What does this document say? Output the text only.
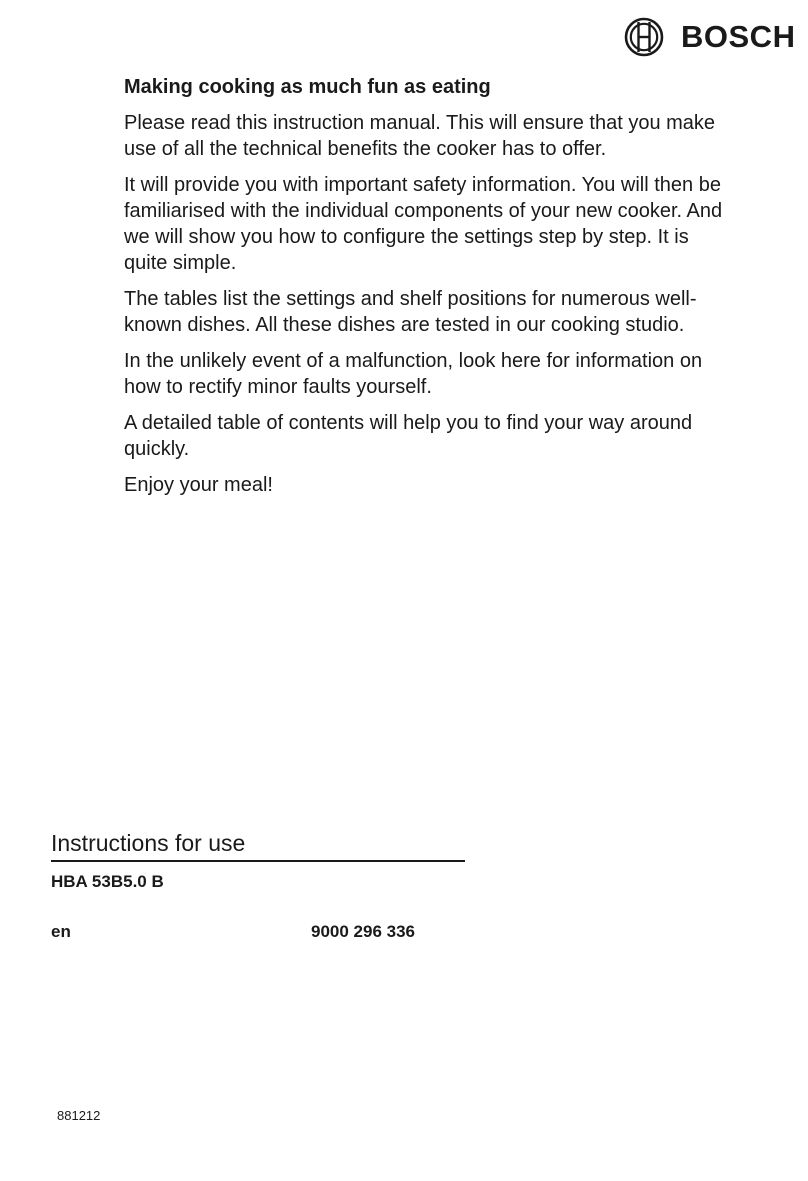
BOSCH
Making cooking as much fun as eating

Please read this instruction manual. This will ensure that you make use of all the technical benefits the cooker has to offer.

It will provide you with important safety information. You will then be familiarised with the individual components of your new cooker. And we will show you how to configure the settings step by step. It is quite simple.

The tables list the settings and shelf positions for numerous well-known dishes. All these dishes are tested in our cooking studio.

In the unlikely event of a malfunction, look here for information on how to rectify minor faults yourself.

A detailed table of contents will help you to find your way around quickly.

Enjoy your meal!

Instructions for use
HBA 53B5.0 B
en	9000 296 336
881212
